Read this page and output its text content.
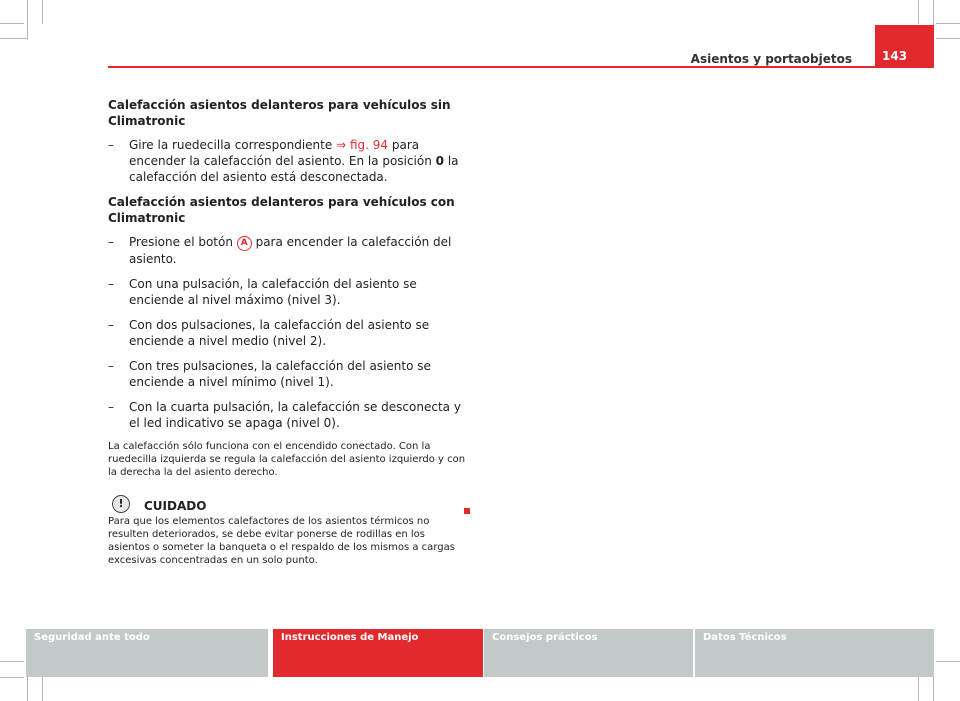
Asientos y portaobjetos	143

Calefacción asientos delanteros para vehículos sin Climatronic

–	Gire la ruedecilla correspondiente ⇒ fig. 94 para encender la calefacción del asiento. En la posición 0 la calefacción del asiento está desconectada.

Calefacción asientos delanteros para vehículos con Climatronic

–	Presione el botón A para encender la calefacción del asiento.
–	Con una pulsación, la calefacción del asiento se enciende al nivel máximo (nivel 3).
–	Con dos pulsaciones, la calefacción del asiento se enciende a nivel medio (nivel 2).
–	Con tres pulsaciones, la calefacción del asiento se enciende a nivel mínimo (nivel 1).
–	Con la cuarta pulsación, la calefacción se desconecta y el led indicativo se apaga (nivel 0).

La calefacción sólo funciona con el encendido conectado. Con la ruedecilla izquierda se regula la calefacción del asiento izquierdo y con la derecha la del asiento derecho.

!	CUIDADO

Para que los elementos calefactores de los asientos térmicos no resulten deteriorados, se debe evitar ponerse de rodillas en los asientos o someter la banqueta o el respaldo de los mismos a cargas excesivas concentradas en un solo punto.

Seguridad ante todo	Instrucciones de Manejo	Consejos prácticos	Datos Técnicos
